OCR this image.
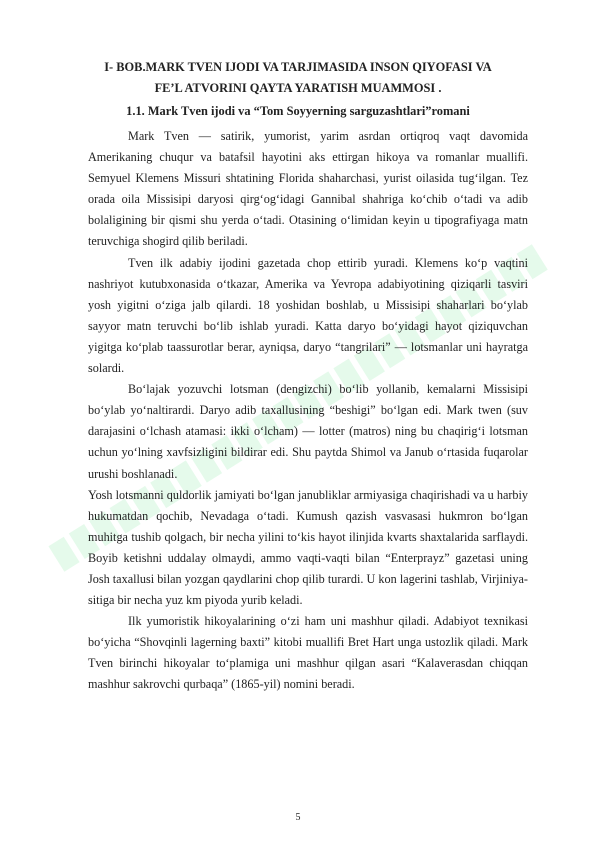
I- BOB.MARK TVEN IJODI VA TARJIMASIDA INSON QIYOFASI VA
FE’L ATVORINI QAYTA YARATISH MUAMMOSI .
1.1. Mark Tven ijodi va “Tom Soyyerning sarguzashtlari”romani

Mark Tven — satirik, yumorist, yarim asrdan ortiqroq vaqt davomida Amerikaning chuqur va batafsil hayotini aks ettirgan hikoya va romanlar muallifi. Semyuel Klemens Missuri shtatining Florida shaharchasi, yurist oilasida tug‘ilgan. Tez orada oila Missisipi daryosi qirg‘og‘idagi Gannibal shahriga ko‘chib o‘tadi va adib bolaligining bir qismi shu yerda o‘tadi. Otasining o‘limidan keyin u tipografiyaga matn teruvchiga shogird qilib beriladi.

Tven ilk adabiy ijodini gazetada chop ettirib yuradi. Klemens ko‘p vaqtini nashriyot kutubxonasida o‘tkazar, Amerika va Yevropa adabiyotining qiziqarli tasviri yosh yigitni o‘ziga jalb qilardi. 18 yoshidan boshlab, u Missisipi shaharlari bo‘ylab sayyor matn teruvchi bo‘lib ishlab yuradi. Katta daryo bo‘yidagi hayot qiziquvchan yigitga ko‘plab taassurotlar berar, ayniqsa, daryo “tangrilari” — lotsmanlar uni hayratga solardi.

Bo‘lajak yozuvchi lotsman (dengizchi) bo‘lib yollanib, kemalarni Missisipi bo‘ylab yo‘naltirardi. Daryo adib taxallusining “beshigi” bo‘lgan edi. Mark twen (suv darajasini o‘lchash atamasi: ikki o‘lcham) — lotter (matros) ning bu chaqirig‘i lotsman uchun yo‘lning xavfsizligini bildirar edi. Shu paytda Shimol va Janub o‘rtasida fuqarolar urushi boshlanadi.

Yosh lotsmanni quldorlik jamiyati bo‘lgan janubliklar armiyasiga chaqirishadi va u harbiy hukumatdan qochib, Nevadaga o‘tadi. Kumush qazish vasvasasi hukmron bo‘lgan muhitga tushib qolgach, bir necha yilini to‘kis hayot ilinjida kvarts shaxtalarida sarflaydi. Boyib ketishni uddalay olmaydi, ammo vaqti-vaqti bilan “Enterprayz” gazetasi uning Josh taxallusi bilan yozgan qaydlarini chop qilib turardi. U kon lagerini tashlab, Virjiniya-sitiga bir necha yuz km piyoda yurib keladi.

Ilk yumoristik hikoyalarining o‘zi ham uni mashhur qiladi. Adabiyot texnikasi bo‘yicha “Shovqinli lagerning baxti” kitobi muallifi Bret Hart unga ustozlik qiladi. Mark Tven birinchi hikoyalar to‘plamiga uni mashhur qilgan asari “Kalaverasdan chiqqan mashhur sakrovchi qurbaqa” (1865-yil) nomini beradi.

5
